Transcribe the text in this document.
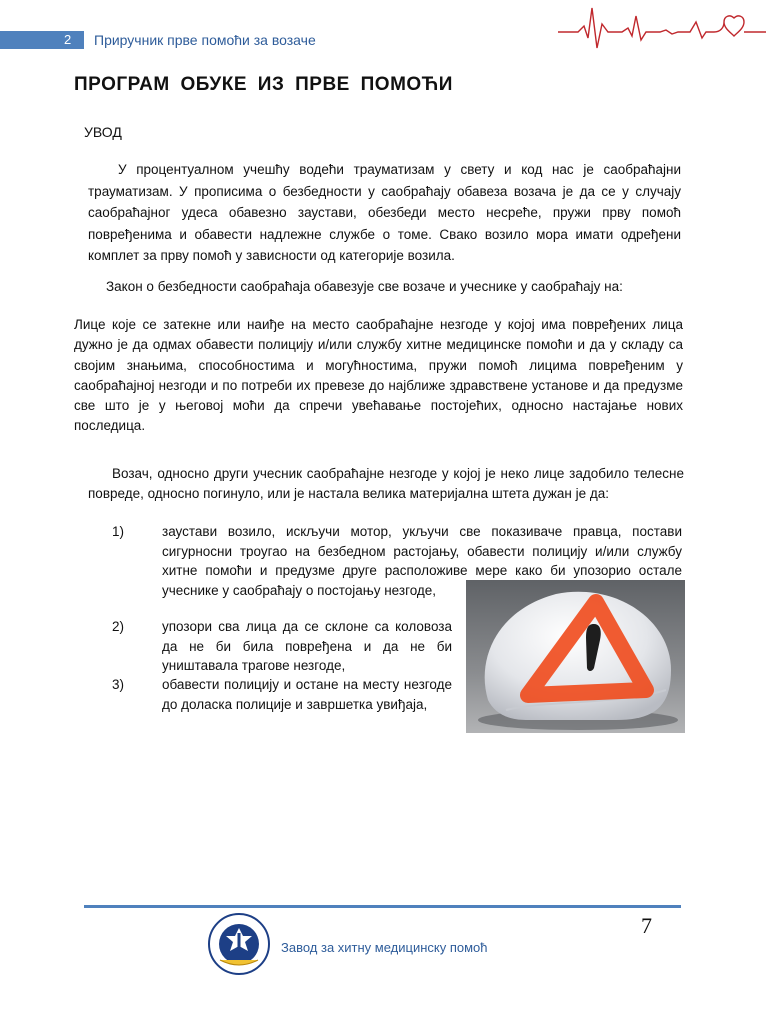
2 Приручник прве помоћи за возаче
ПРОГРАМ ОБУКЕ ИЗ ПРВЕ ПОМОЋИ
УВОД

У процентуалном учешћу водећи трауматизам у свету и код нас је саобраћајни трауматизам. У прописима о безбедности у саобраћају обавеза возача је да се у случају саобраћајног удеса обавезно заустави, обезбеди место несреће, пружи прву помоћ повређенима и обавести надлежне службе о томе. Свако возило мора имати одређени комплет за прву помоћ у зависности од категорије возила.

Закон о безбедности саобраћаја обавезује све возаче и учеснике у саобраћају на:

Лице које се затекне или наиђе на место саобраћајне незгоде у којој има повређених лица дужно је да одмах обавести полицију и/или службу хитне медицинске помоћи и да у складу са својим знањима, способностима и могућностима, пружи помоћ лицима повређеним у саобраћајној незгоди и по потреби их превезе до најближе здравствене установе и да предузме све што је у његовој моћи да спречи увећавање постојећих, односно настајање нових последица.

Возач, односно други учесник саобраћајне незгоде у којој је неко лице задобило телесне повреде, односно погинуло, или је настала велика материјална штета дужан је да:

1)	заустави возило, искључи мотор, укључи све показиваче правца, постави сигурносни троугао на безбедном растојању, обавести полицију и/или службу хитне помоћи и предузме друге расположиве мере како би упозорио остале учеснике у саобраћају о постојању незгоде,
2)	упозори сва лица да се склоне са коловоза да не би била повређена и да не би уништавала трагове незгоде,
3)	обавести полицију и остане на месту незгоде до доласка полиције и завршетка увиђаја,
7
Завод за хитну медицинску помоћ
